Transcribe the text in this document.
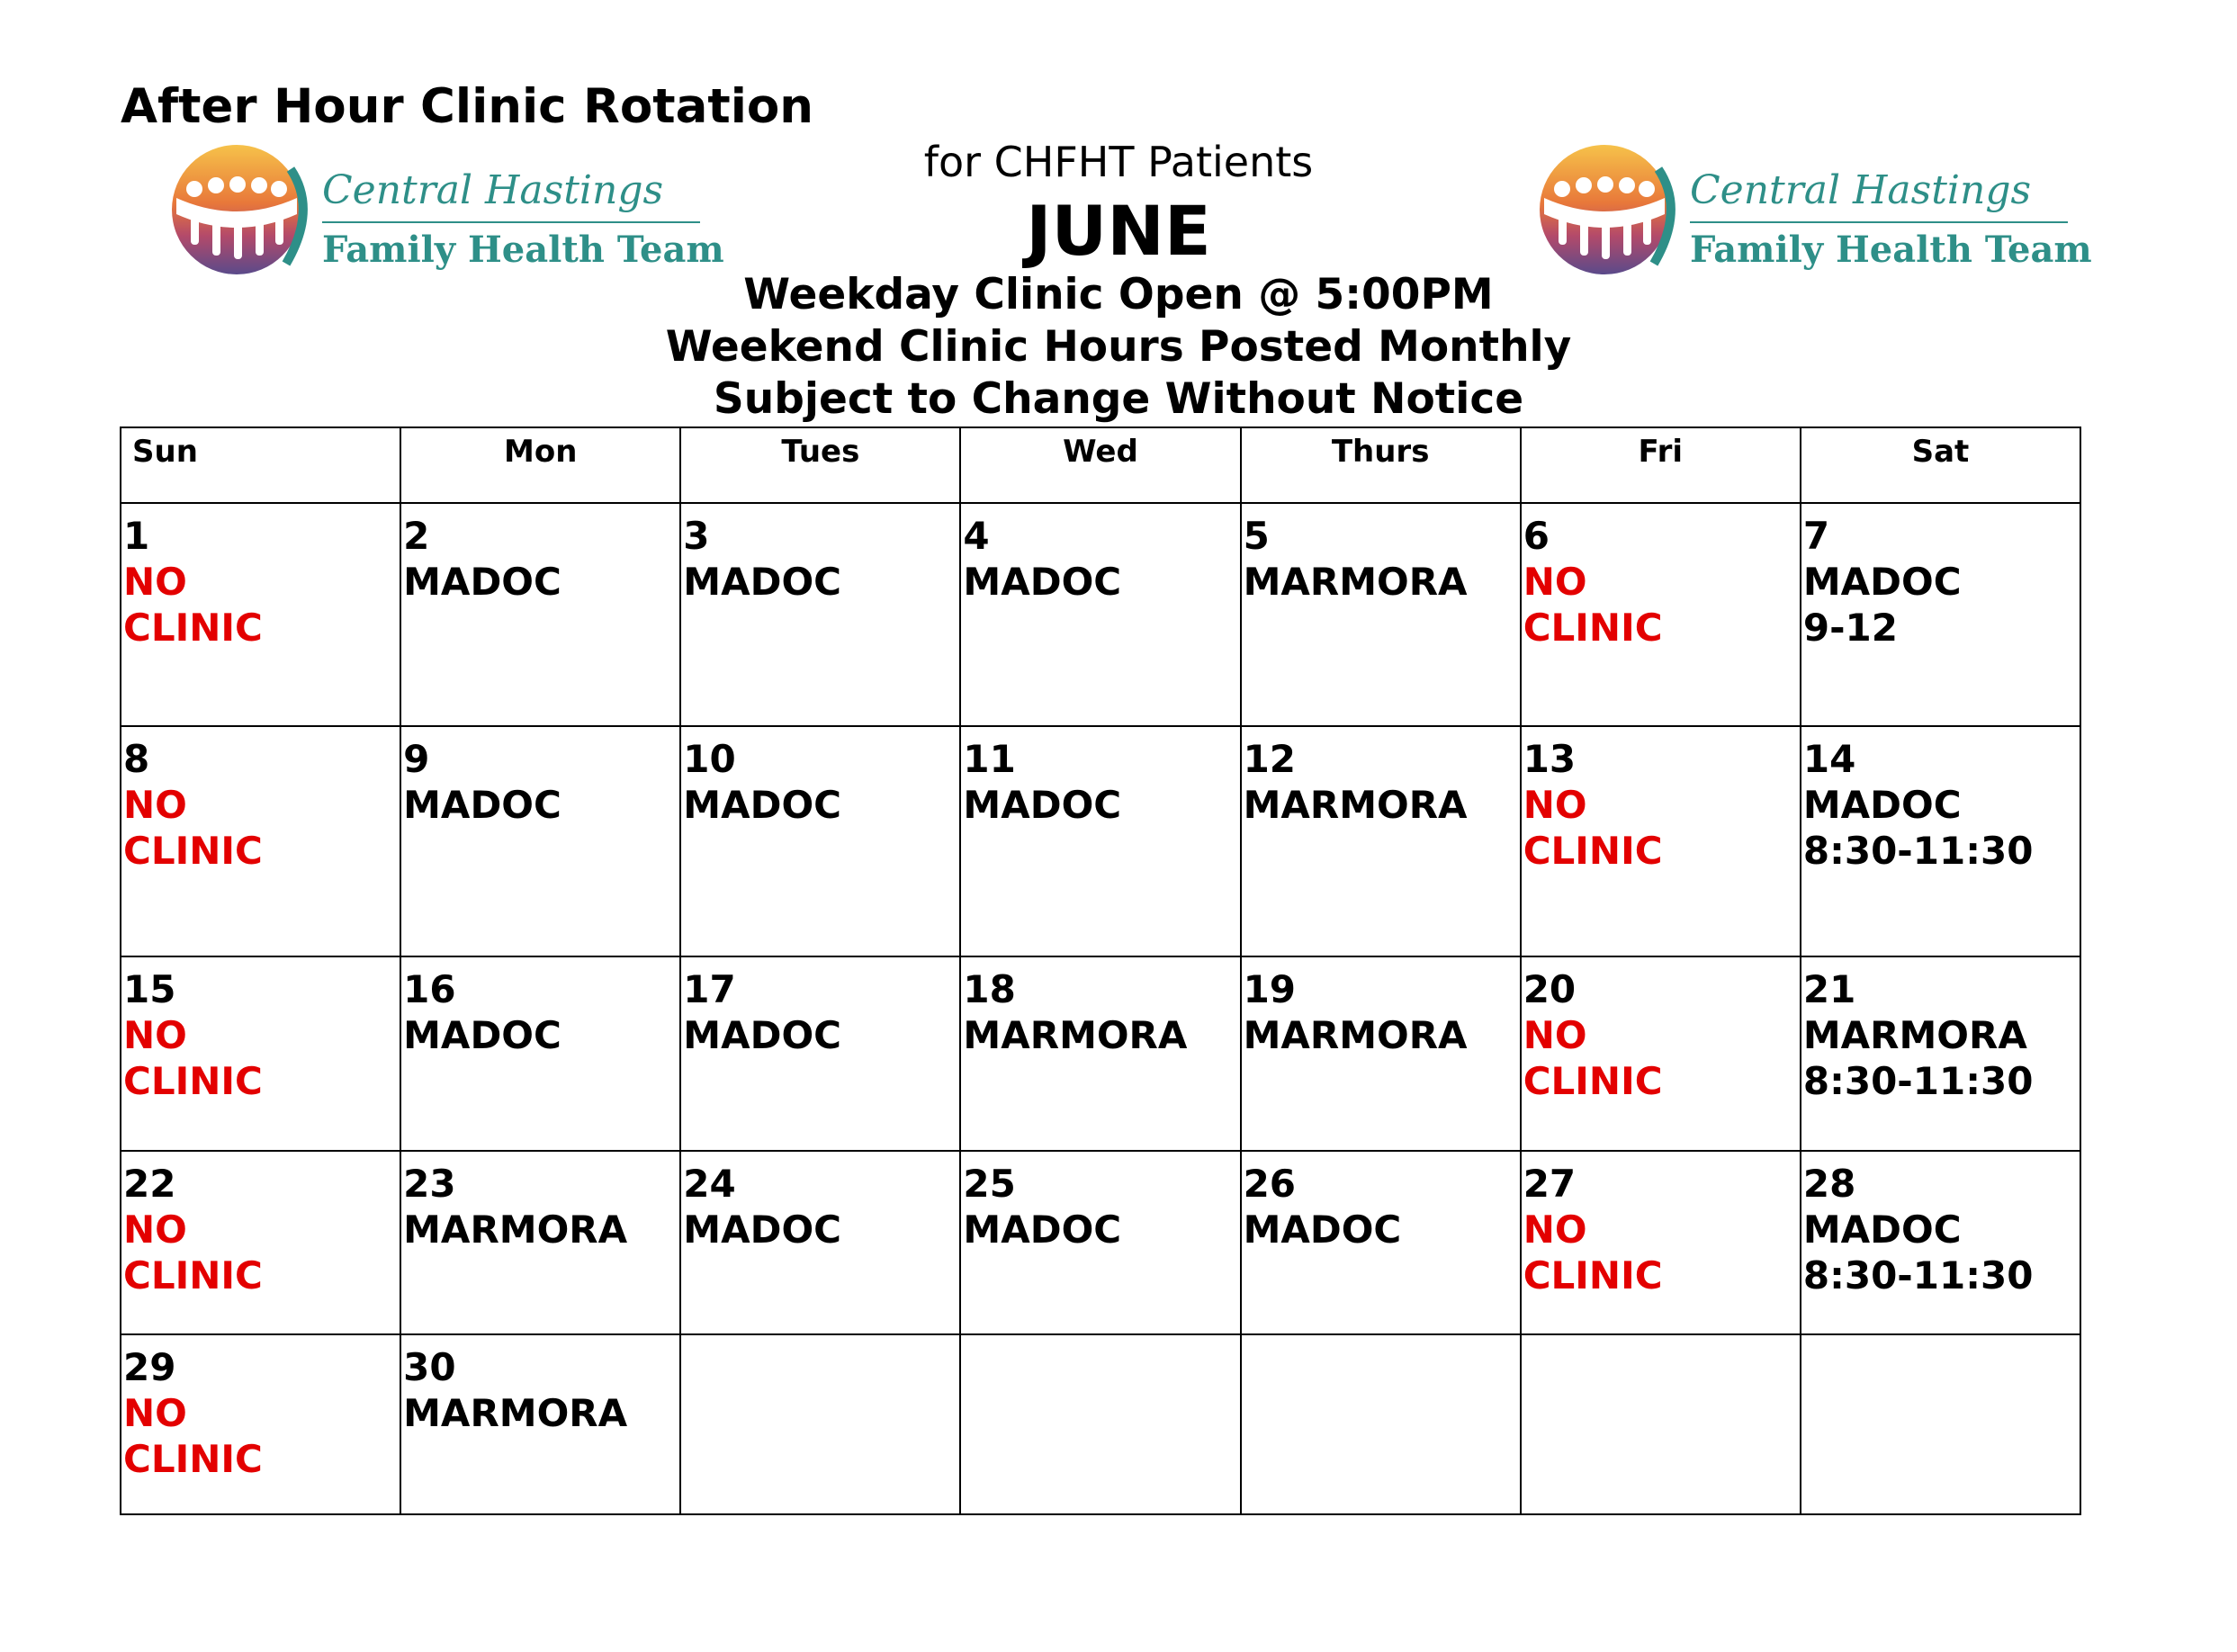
After Hour Clinic Rotation
for CHFHT Patients
JUNE
Weekday Clinic Open @ 5:00PM
Weekend Clinic Hours Posted Monthly
Subject to Change Without Notice
Central Hastings
Family Health Team
Central Hastings
Family Health Team
Sun	Mon	Tues	Wed	Thurs	Fri	Sat

1
NO
CLINIC	2
MADOC	3
MADOC	4
MADOC	5
MARMORA	6
NO
CLINIC	7
MADOC
9-12

8
NO
CLINIC	9
MADOC	10
MADOC	11
MADOC	12
MARMORA	13
NO
CLINIC	14
MADOC
8:30-11:30

15
NO
CLINIC	16
MADOC	17
MADOC	18
MARMORA	19
MARMORA	20
NO
CLINIC	21
MARMORA
8:30-11:30

22
NO
CLINIC	23
MARMORA	24
MADOC	25
MADOC	26
MADOC	27
NO
CLINIC	28
MADOC
8:30-11:30

29
NO
CLINIC	30
MARMORA					
